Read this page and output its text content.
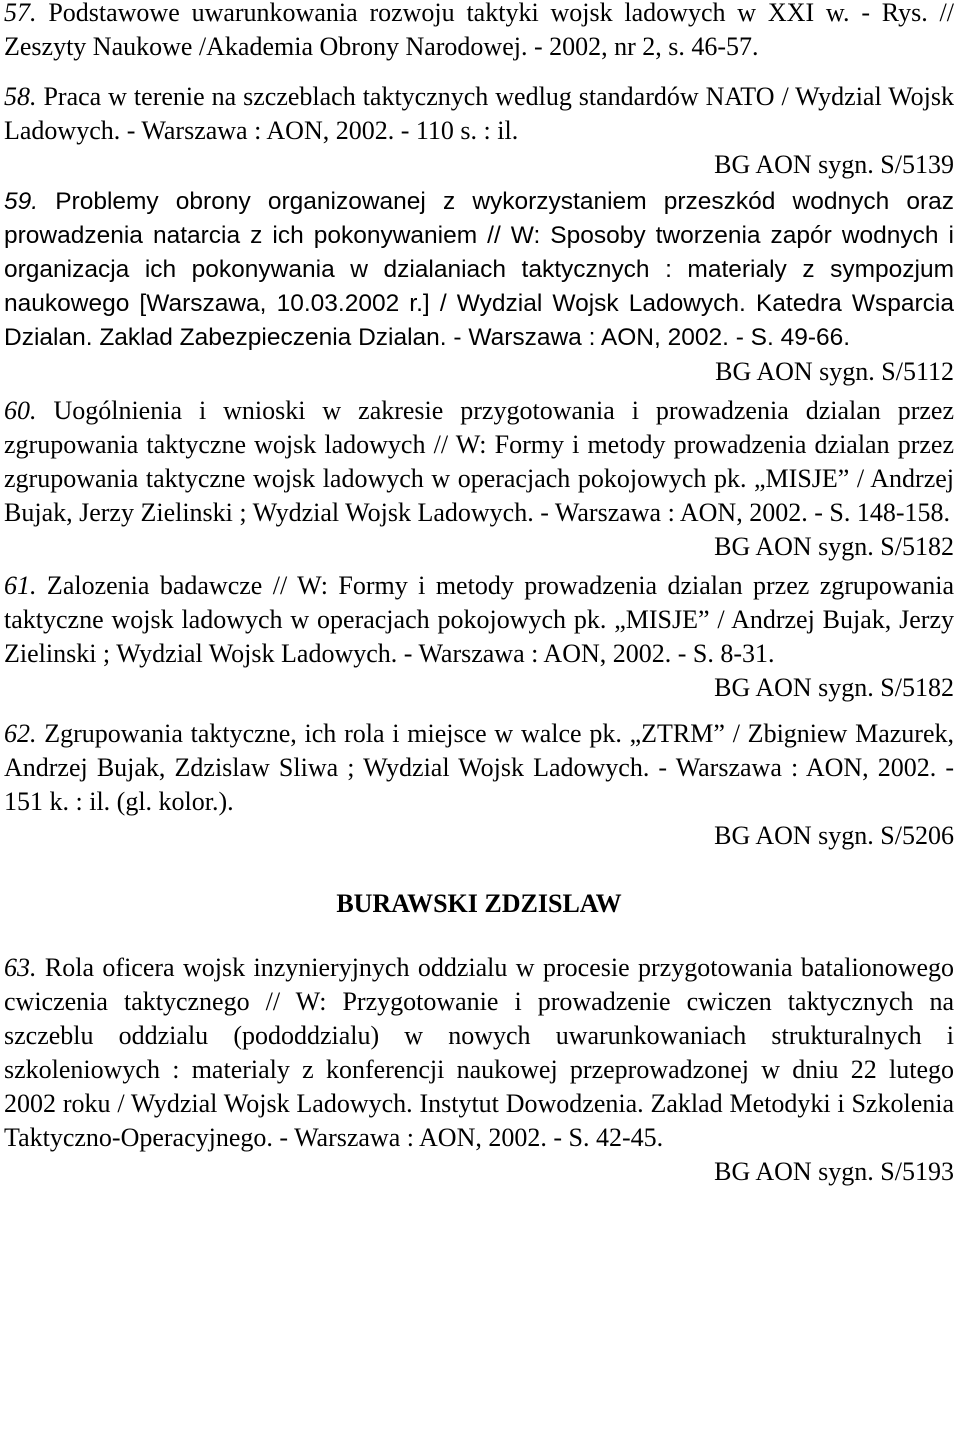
57. Podstawowe uwarunkowania rozwoju taktyki wojsk ladowych w XXI w. - Rys. // Zeszyty Naukowe /Akademia Obrony Narodowej. - 2002, nr 2, s. 46-57.

58. Praca w terenie na szczeblach taktycznych wedlug standardów NATO / Wydzial Wojsk Ladowych. - Warszawa : AON, 2002. - 110 s. : il.

BG AON sygn. S/5139

59. Problemy obrony organizowanej z wykorzystaniem przeszkód wodnych oraz prowadzenia natarcia z ich pokonywaniem // W: Sposoby tworzenia zapór wodnych i organizacja ich pokonywania w dzialaniach taktycznych : materialy z sympozjum naukowego [Warszawa, 10.03.2002 r.] / Wydzial Wojsk Ladowych. Katedra Wsparcia Dzialan. Zaklad Zabezpieczenia Dzialan. - Warszawa : AON, 2002. - S. 49-66.

BG AON sygn. S/5112

60. Uogólnienia i wnioski w zakresie przygotowania i prowadzenia dzialan przez zgrupowania taktyczne wojsk ladowych // W: Formy i metody prowadzenia dzialan przez zgrupowania taktyczne wojsk ladowych w operacjach pokojowych pk. „MISJE” / Andrzej Bujak, Jerzy Zielinski ; Wydzial Wojsk Ladowych. - Warszawa : AON, 2002. - S. 148-158.

BG AON sygn. S/5182

61. Zalozenia badawcze // W: Formy i metody prowadzenia dzialan przez zgrupowania taktyczne wojsk ladowych w operacjach pokojowych pk. „MISJE” / Andrzej Bujak, Jerzy Zielinski ; Wydzial Wojsk Ladowych. - Warszawa : AON, 2002. - S. 8-31.

BG AON sygn. S/5182

62. Zgrupowania taktyczne, ich rola i miejsce w walce pk. „ZTRM” / Zbigniew Mazurek, Andrzej Bujak, Zdzislaw Sliwa ; Wydzial Wojsk Ladowych. - Warszawa : AON, 2002. - 151 k. : il. (gl. kolor.).

BG AON sygn. S/5206

BURAWSKI ZDZISLAW

63. Rola oficera wojsk inzynieryjnych oddzialu w procesie przygotowania batalionowego cwiczenia taktycznego // W: Przygotowanie i prowadzenie cwiczen taktycznych na szczeblu oddzialu (pododdzialu) w nowych uwarunkowaniach strukturalnych i szkoleniowych : materialy z konferencji naukowej przeprowadzonej w dniu 22 lutego 2002 roku / Wydzial Wojsk Ladowych. Instytut Dowodzenia. Zaklad Metodyki i Szkolenia Taktyczno-Operacyjnego. - Warszawa : AON, 2002. - S. 42-45.

BG AON sygn. S/5193
